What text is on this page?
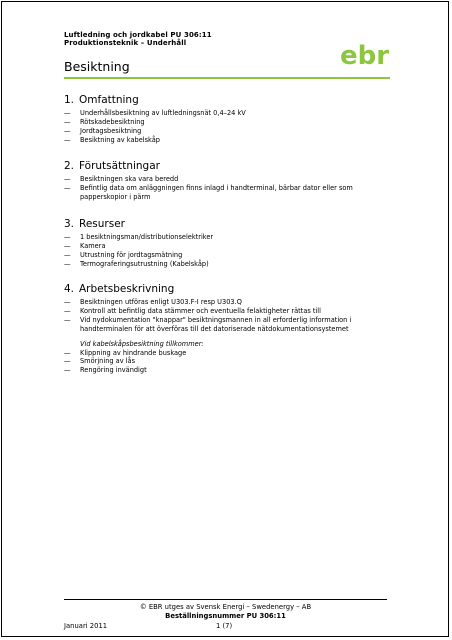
Luftledning och jordkabel PU 306:11
Produktionsteknik – Underhåll	ebr
Besiktning
1. Omfattning
— Underhållsbesiktning av luftledningsnät 0,4–24 kV
— Rötskadebesiktning
— Jordtagsbesiktning
— Besiktning av kabelskåp
2. Förutsättningar
— Besiktningen ska vara beredd
— Befintlig data om anläggningen finns inlagd i handterminal, bärbar dator eller som papperskopior i pärm
3. Resurser
— 1 besiktningsman/distributionselektriker
— Kamera
— Utrustning för jordtagsmätning
— Termograferingsutrustning (Kabelskåp)
4. Arbetsbeskrivning
— Besiktningen utföras enligt U303.F-I resp U303.Q
— Kontroll att befintlig data stämmer och eventuella felaktigheter rättas till
— Vid nydokumentation "knappar" besiktningsmannen in all erforderlig information i handterminalen för att överföras till det datoriserade nätdokumentationsystemet
Vid kabelskåpsbesiktning tillkommer:
— Klippning av hindrande buskage
— Smörjning av lås
— Rengöring invändigt
© EBR utges av Svensk Energi – Swedenergy – AB
Beställningsnummer PU 306:11
Januari 2011	1 (7)
